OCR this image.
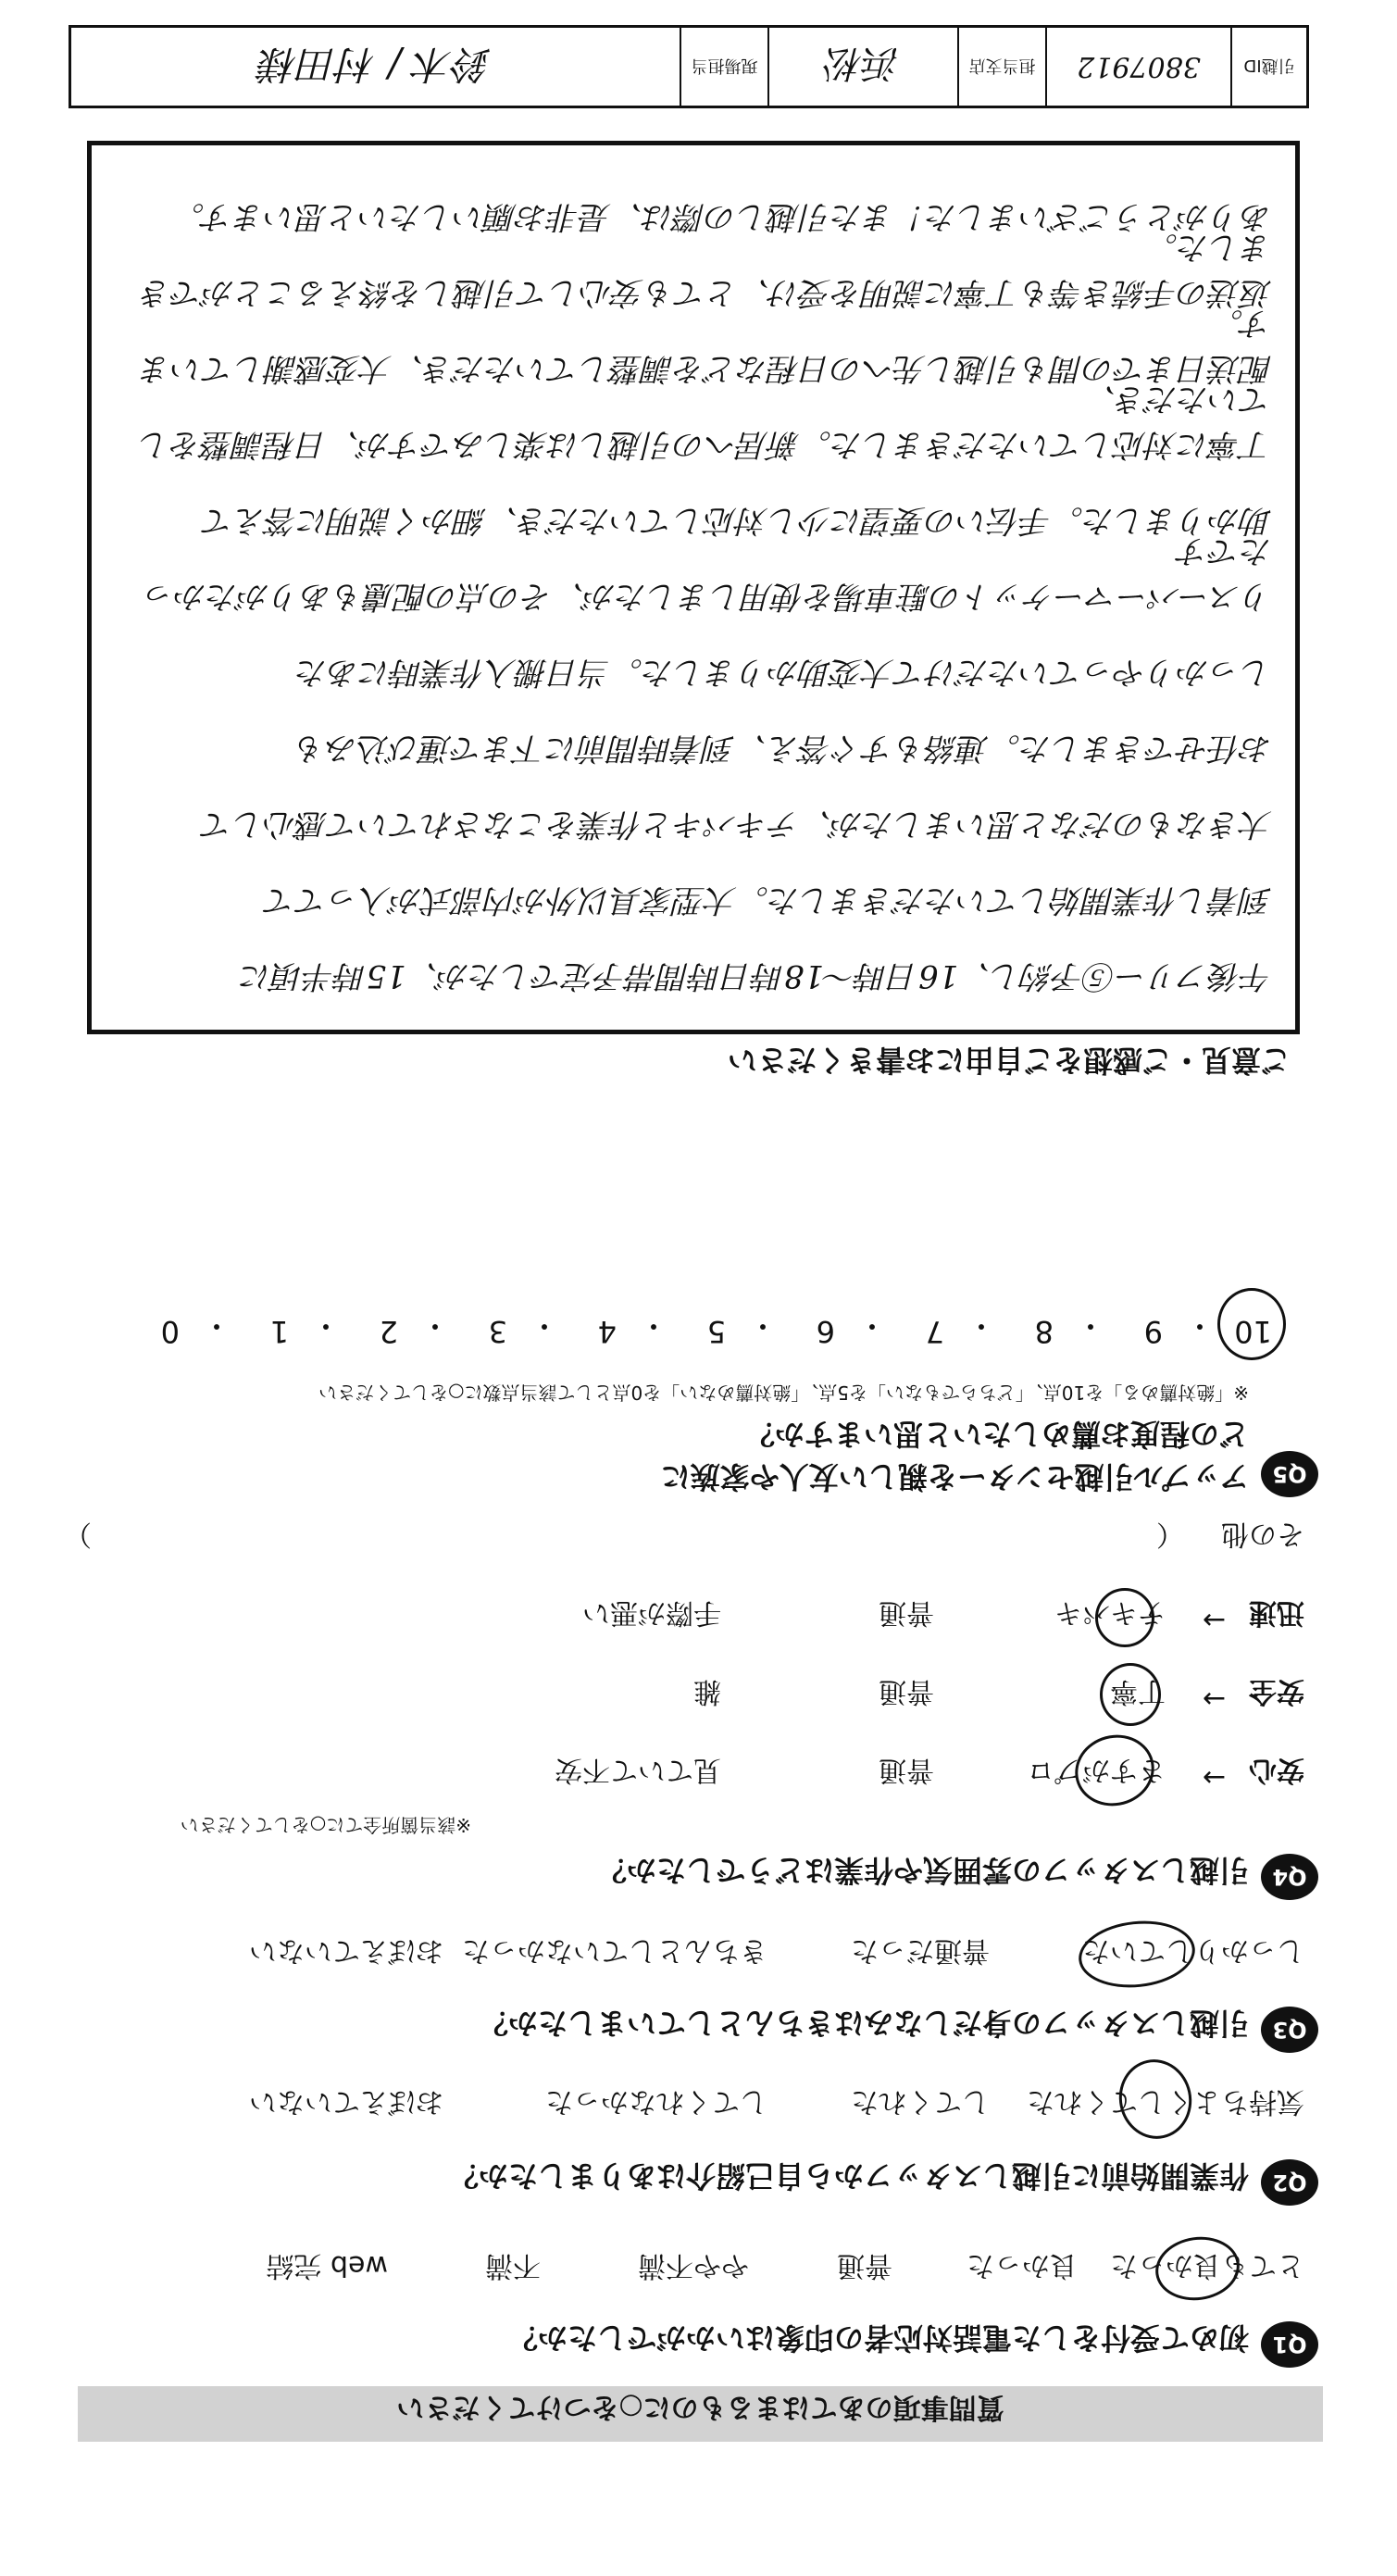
質問事項のあてはまるものに○をつけてください
Q1
初めて受付をした電話対応者の印象はいかがでしたか？
とても良かった
良かった
普通
やや不満
不満
web 完結
Q2
作業開始前に引越しスタッフから自己紹介はありましたか？
気持ちよくしてくれた
してくれた
してくれなかった
おぼえていない
Q3
引越しスタッフの身だしなみはきちんとしていましたか？
しっかりしていた
普通だった
きちんとしていなかった
おぼえていない
Q4
引越しスタッフの雰囲気や作業はどうでしたか？
※該当箇所全てに○をしてください
安心
→
さすがプロ
普通
見ていて不安
安全
→
丁寧
普通
雑
迅速
→
テキパキ
普通
手際が悪い
その他
（
）
Q5
アップル引越センターを親しい友人や家族に
どの程度お薦めしたいと思いますか？
※「絶対薦める」を10点、「どちらでもない」を5点、「絶対薦めない」を0点として該当点数に○をしてください
10
・
9
・
8
・
7
・
6
・
5
・
4
・
3
・
2
・
1
・
0
ご意見・ご感想をご自由にお書きください
午後フリー⑤予約し、16日時～18時日時間帯予定でしたが、15時半頃に
到着し作業開始していただきました。大型家具以外が内部式が入ってて
大きなものだなと思いましたが、テキパキと作業をこなされていて感心して
お任せできました。連絡もすぐ答え、到着時間前に下まで運び込みも
しっかりやっていただけて大変助かりました。当日搬入作業時にあた
りスーパーマーケットの駐車場を使用しましたが、その点の配慮もありがたかったです
助かりました。手伝いの要望に少し対応していただき、細かく説明に答えて
丁寧に対応していただきました。新居への引越しは楽しみですが、日程調整をしていただき、
配送日までの間も引越し先への日程などを調整していただき、大変感謝しています。
返送の手続き等も丁寧に説明を受け、とても安心して引越しを終えることができました。
ありがとうございました！また引越しの際は、是非お願いしたいと思います。
引越ID
3807912
担当支店
浜松
現場担当
鈴木 / 村田様
